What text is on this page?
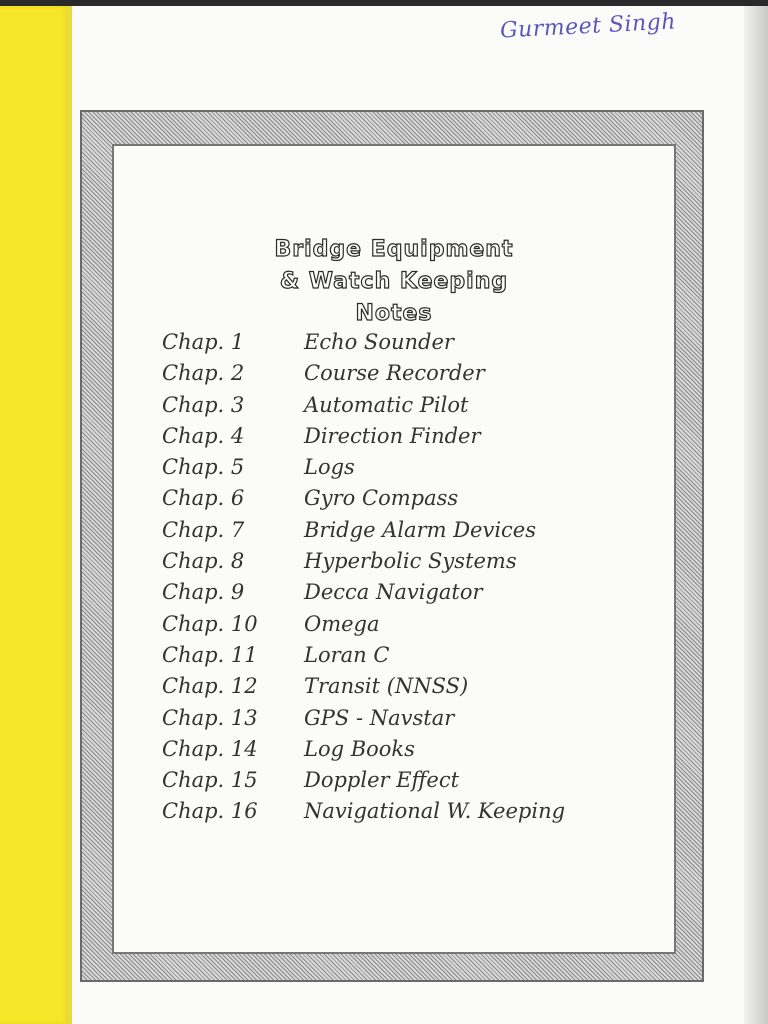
Gurmeet Singh
Bridge Equipment
& Watch Keeping
Notes
Chap. 1	Echo Sounder
Chap. 2	Course Recorder
Chap. 3	Automatic Pilot
Chap. 4	Direction Finder
Chap. 5	Logs
Chap. 6	Gyro Compass
Chap. 7	Bridge Alarm Devices
Chap. 8	Hyperbolic Systems
Chap. 9	Decca Navigator
Chap. 10	Omega
Chap. 11	Loran C
Chap. 12	Transit (NNSS)
Chap. 13	GPS - Navstar
Chap. 14	Log Books
Chap. 15	Doppler Effect
Chap. 16	Navigational W. Keeping
